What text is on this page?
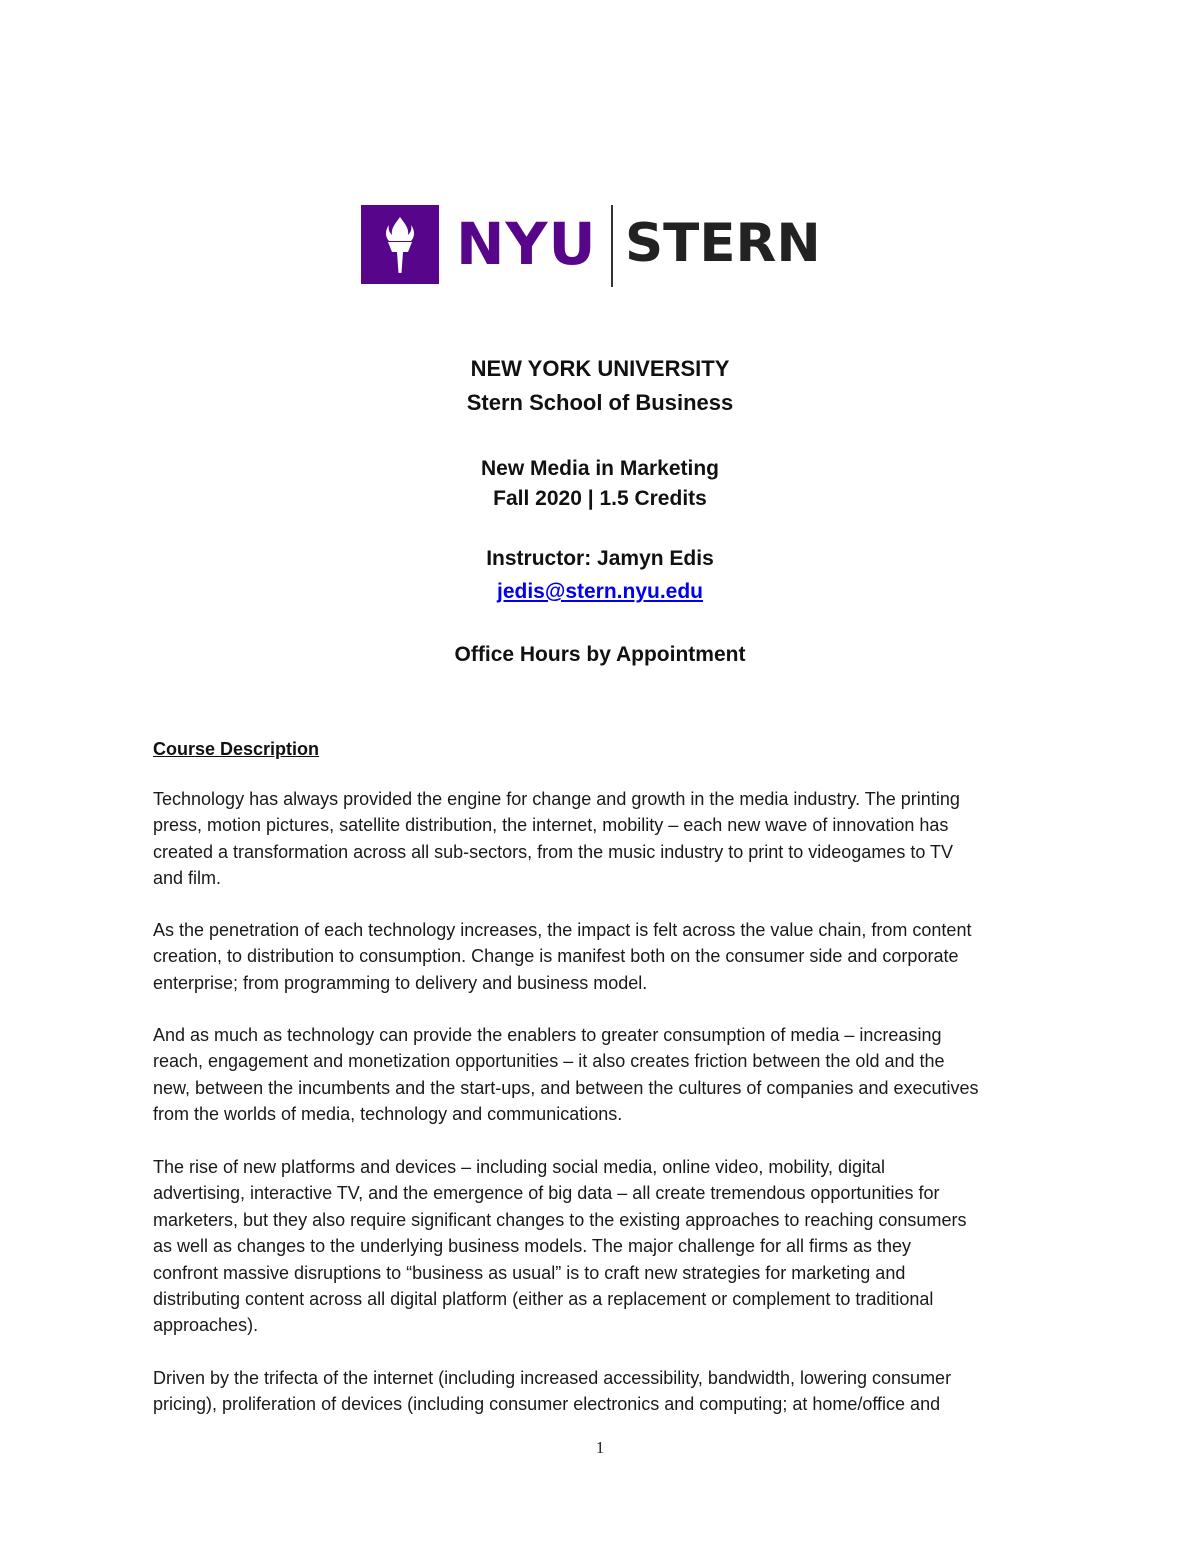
NYU STERN
NEW YORK UNIVERSITY
Stern School of Business
New Media in Marketing
Fall 2020 | 1.5 Credits
Instructor: Jamyn Edis
jedis@stern.nyu.edu
Office Hours by Appointment
Course Description

Technology has always provided the engine for change and growth in the media industry. The printing
press, motion pictures, satellite distribution, the internet, mobility – each new wave of innovation has
created a transformation across all sub-sectors, from the music industry to print to videogames to TV
and film.

As the penetration of each technology increases, the impact is felt across the value chain, from content
creation, to distribution to consumption. Change is manifest both on the consumer side and corporate
enterprise; from programming to delivery and business model.

And as much as technology can provide the enablers to greater consumption of media – increasing
reach, engagement and monetization opportunities – it also creates friction between the old and the
new, between the incumbents and the start-ups, and between the cultures of companies and executives
from the worlds of media, technology and communications.

The rise of new platforms and devices – including social media, online video, mobility, digital
advertising, interactive TV, and the emergence of big data – all create tremendous opportunities for
marketers, but they also require significant changes to the existing approaches to reaching consumers
as well as changes to the underlying business models. The major challenge for all firms as they
confront massive disruptions to “business as usual” is to craft new strategies for marketing and
distributing content across all digital platform (either as a replacement or complement to traditional
approaches).

Driven by the trifecta of the internet (including increased accessibility, bandwidth, lowering consumer
pricing), proliferation of devices (including consumer electronics and computing; at home/office and

1
